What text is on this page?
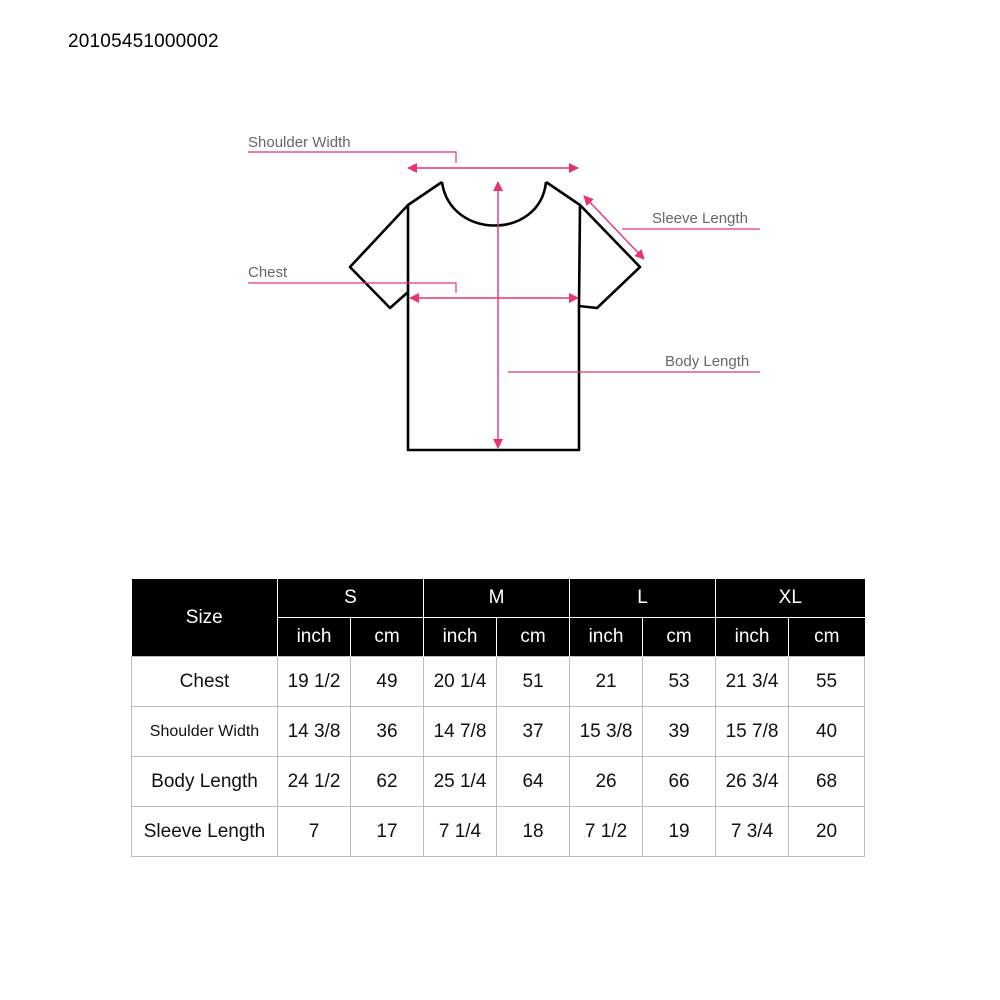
20105451000002
Shoulder Width
Sleeve Length
Chest
Body Length
Size	S		M		L		XL	
	inch	cm	inch	cm	inch	cm	inch	cm
Chest	19 1/2	49	20 1/4	51	21	53	21 3/4	55
Shoulder Width	14 3/8	36	14 7/8	37	15 3/8	39	15 7/8	40
Body Length	24 1/2	62	25 1/4	64	26	66	26 3/4	68
Sleeve Length	7	17	7 1/4	18	7 1/2	19	7 3/4	20
